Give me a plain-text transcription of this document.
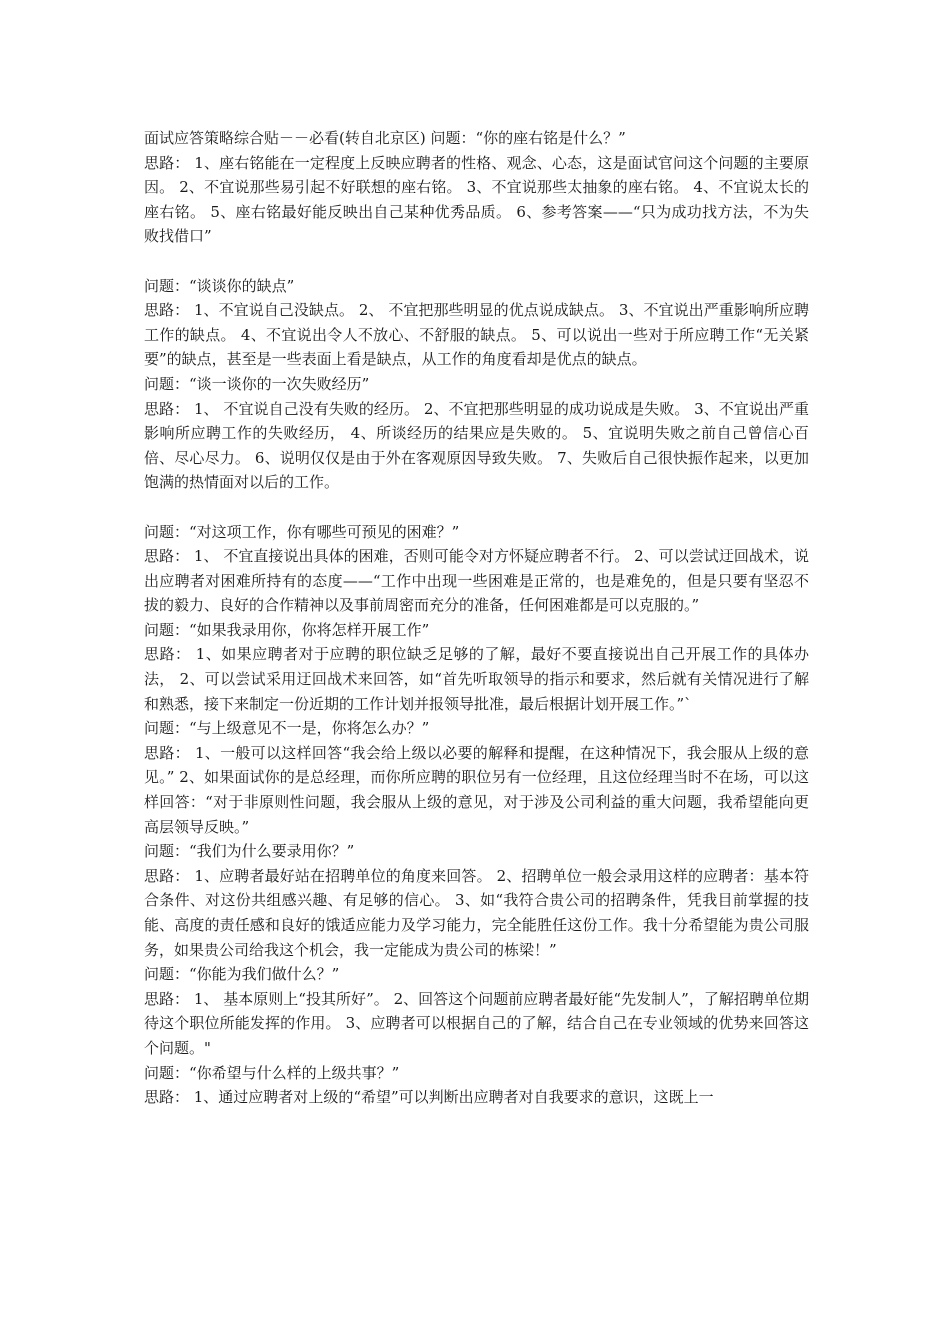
面试应答策略综合贴－－必看(转自北京区) 问题：“你的座右铭是什么？”

思路： 1、座右铭能在一定程度上反映应聘者的性格、观念、心态，这是面试官问这个问题的主要原因。 2、不宜说那些易引起不好联想的座右铭。 3、不宜说那些太抽象的座右铭。 4、不宜说太长的座右铭。 5、座右铭最好能反映出自己某种优秀品质。 6、参考答案——“只为成功找方法，不为失败找借口”

问题：“谈谈你的缺点”

思路： 1、不宜说自己没缺点。 2、 不宜把那些明显的优点说成缺点。 3、不宜说出严重影响所应聘工作的缺点。 4、不宜说出令人不放心、不舒服的缺点。 5、可以说出一些对于所应聘工作“无关紧要”的缺点，甚至是一些表面上看是缺点，从工作的角度看却是优点的缺点。

问题：“谈一谈你的一次失败经历”

思路： 1、 不宜说自己没有失败的经历。 2、不宜把那些明显的成功说成是失败。 3、不宜说出严重影响所应聘工作的失败经历， 4、所谈经历的结果应是失败的。 5、宜说明失败之前自己曾信心百倍、尽心尽力。 6、说明仅仅是由于外在客观原因导致失败。 7、失败后自己很快振作起来，以更加饱满的热情面对以后的工作。

问题：“对这项工作，你有哪些可预见的困难？”

思路： 1、 不宜直接说出具体的困难，否则可能令对方怀疑应聘者不行。 2、可以尝试迂回战术，说出应聘者对困难所持有的态度——“工作中出现一些困难是正常的，也是难免的，但是只要有坚忍不拔的毅力、良好的合作精神以及事前周密而充分的准备，任何困难都是可以克服的。”

问题：“如果我录用你，你将怎样开展工作”

思路： 1、如果应聘者对于应聘的职位缺乏足够的了解，最好不要直接说出自己开展工作的具体办法， 2、可以尝试采用迂回战术来回答，如“首先听取领导的指示和要求，然后就有关情况进行了解和熟悉，接下来制定一份近期的工作计划并报领导批准，最后根据计划开展工作。”`

问题：“与上级意见不一是，你将怎么办？”

思路： 1、一般可以这样回答“我会给上级以必要的解释和提醒，在这种情况下，我会服从上级的意见。” 2、如果面试你的是总经理，而你所应聘的职位另有一位经理，且这位经理当时不在场，可以这样回答：“对于非原则性问题，我会服从上级的意见，对于涉及公司利益的重大问题，我希望能向更高层领导反映。”

问题：“我们为什么要录用你？”

思路： 1、应聘者最好站在招聘单位的角度来回答。 2、招聘单位一般会录用这样的应聘者：基本符合条件、对这份共组感兴趣、有足够的信心。 3、如“我符合贵公司的招聘条件，凭我目前掌握的技能、高度的责任感和良好的饿适应能力及学习能力，完全能胜任这份工作。我十分希望能为贵公司服务，如果贵公司给我这个机会，我一定能成为贵公司的栋梁！”

问题：“你能为我们做什么？”

思路： 1、 基本原则上“投其所好”。 2、回答这个问题前应聘者最好能“先发制人”，了解招聘单位期待这个职位所能发挥的作用。 3、应聘者可以根据自己的了解，结合自己在专业领域的优势来回答这个问题。"

问题：“你希望与什么样的上级共事？”

思路： 1、通过应聘者对上级的“希望”可以判断出应聘者对自我要求的意识，这既上一
